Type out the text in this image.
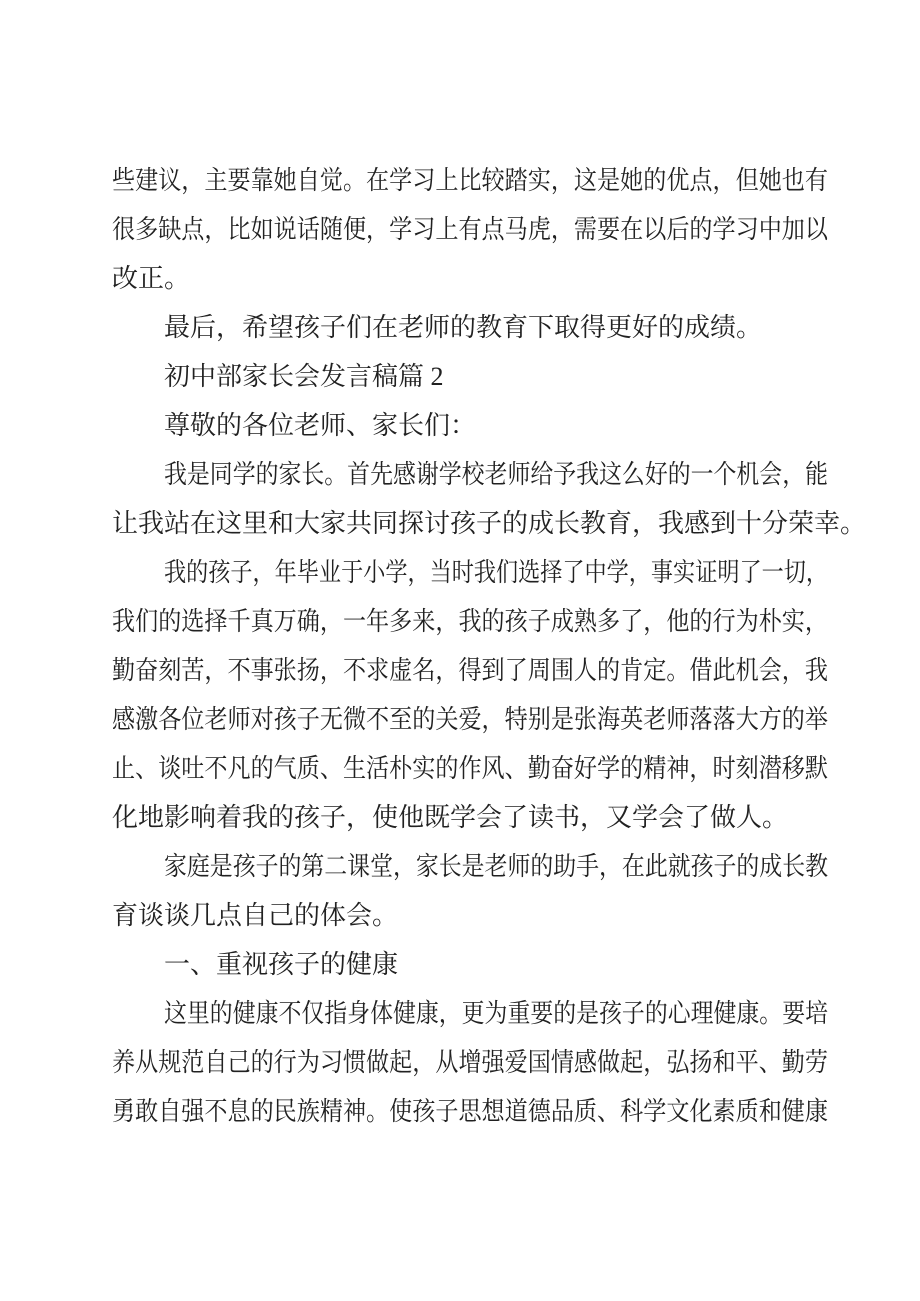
些建议，主要靠她自觉。在学习上比较踏实，这是她的优点，但她也有
很多缺点，比如说话随便，学习上有点马虎，需要在以后的学习中加以
改正。
最后，希望孩子们在老师的教育下取得更好的成绩。
初中部家长会发言稿篇 2
尊敬的各位老师、家长们：
我是同学的家长。首先感谢学校老师给予我这么好的一个机会，能
让我站在这里和大家共同探讨孩子的成长教育，我感到十分荣幸。
我的孩子，年毕业于小学，当时我们选择了中学，事实证明了一切，
我们的选择千真万确，一年多来，我的孩子成熟多了，他的行为朴实，
勤奋刻苦，不事张扬，不求虚名，得到了周围人的肯定。借此机会，我
感激各位老师对孩子无微不至的关爱，特别是张海英老师落落大方的举
止、谈吐不凡的气质、生活朴实的作风、勤奋好学的精神，时刻潜移默
化地影响着我的孩子，使他既学会了读书，又学会了做人。
家庭是孩子的第二课堂，家长是老师的助手，在此就孩子的成长教
育谈谈几点自己的体会。
一、重视孩子的健康
这里的健康不仅指身体健康，更为重要的是孩子的心理健康。要培
养从规范自己的行为习惯做起，从增强爱国情感做起，弘扬和平、勤劳
勇敢自强不息的民族精神。使孩子思想道德品质、科学文化素质和健康
